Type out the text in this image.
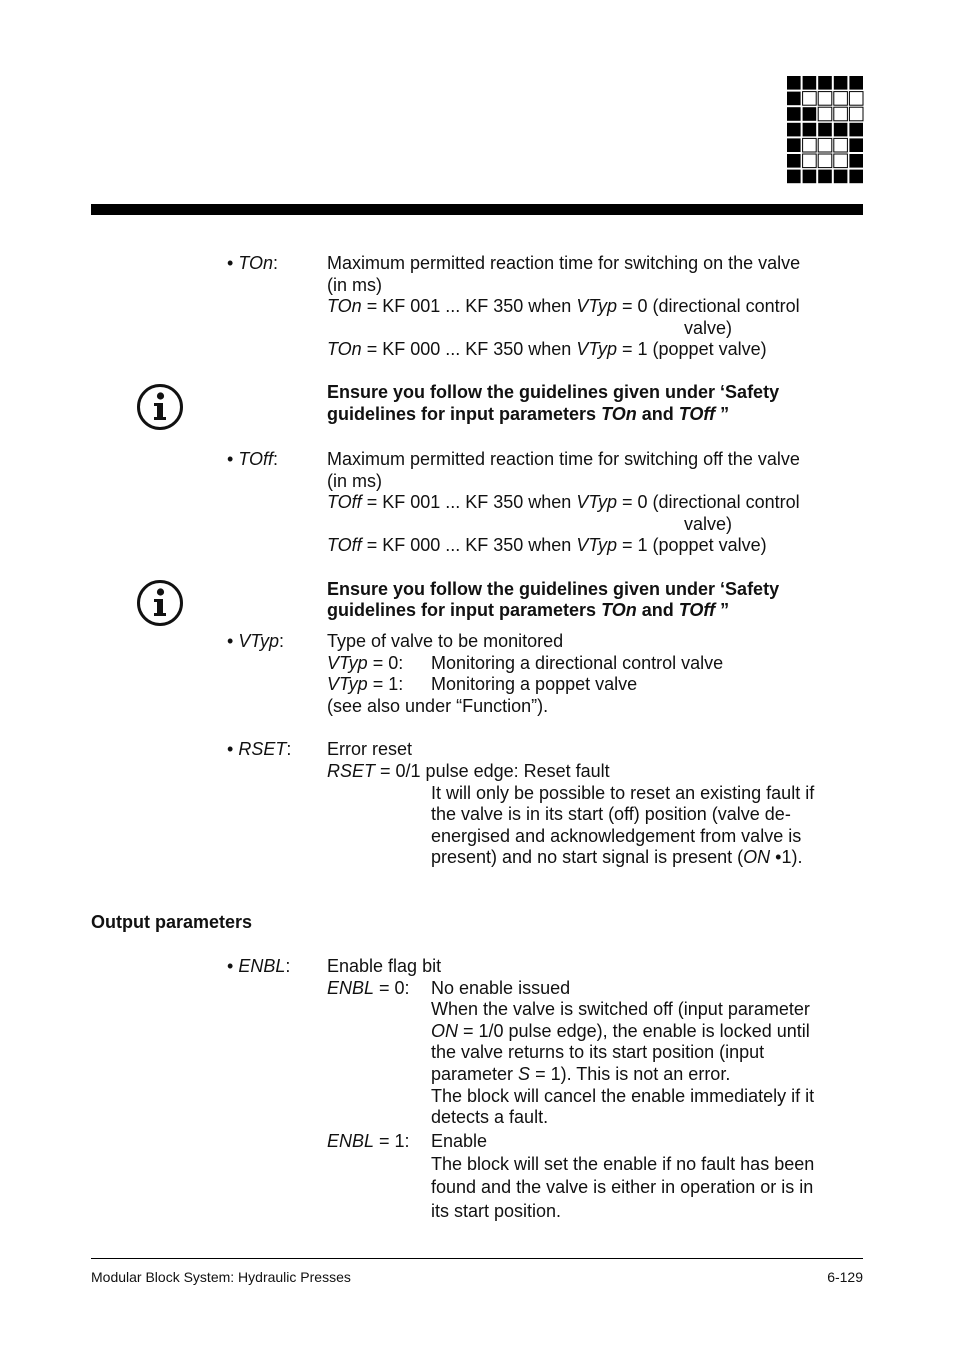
• TOn:	Maximum permitted reaction time for switching on the valve
(in ms)
TOn = KF 001 ... KF 350 when VTyp = 0 (directional control
valve)
TOn = KF 000 ... KF 350 when VTyp = 1 (poppet valve)
Ensure you follow the guidelines given under ‘Safety
guidelines for input parameters TOn and TOff ”
• TOff:	Maximum permitted reaction time for switching off the valve
(in ms)
TOff = KF 001 ... KF 350 when VTyp = 0 (directional control
valve)
TOff = KF 000 ... KF 350 when VTyp = 1 (poppet valve)
Ensure you follow the guidelines given under ‘Safety
guidelines for input parameters TOn and TOff ”
• VTyp: Type of valve to be monitored
VTyp = 0: Monitoring a directional control valve
VTyp = 1: Monitoring a poppet valve
(see also under “Function”).
• RSET: Error reset
RSET = 0/1 pulse edge: Reset fault
It will only be possible to reset an existing fault if
the valve is in its start (off) position (valve de-
energised and acknowledgement from valve is
present) and no start signal is present (ON •1).
Output parameters
• ENBL: Enable flag bit
ENBL = 0: No enable issued
When the valve is switched off (input parameter
ON = 1/0 pulse edge), the enable is locked until
the valve returns to its start position (input
parameter S = 1). This is not an error.
The block will cancel the enable immediately if it
detects a fault.
ENBL = 1: Enable
The block will set the enable if no fault has been
found and the valve is either in operation or is in
its start position.
Modular Block System: Hydraulic Presses	6-129
